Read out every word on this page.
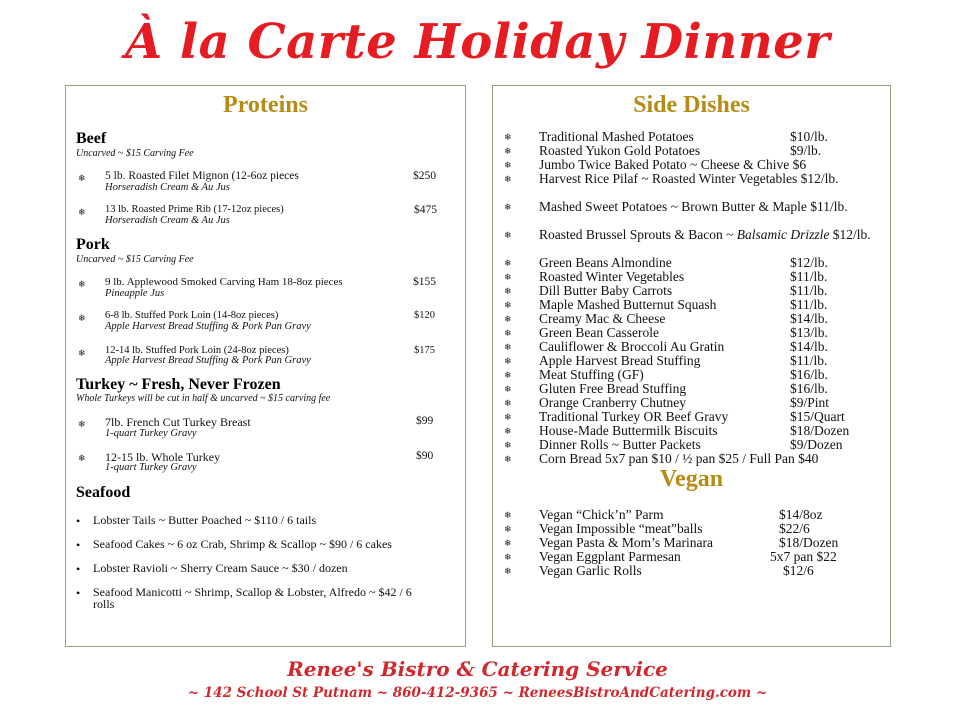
À la Carte Holiday Dinner
Proteins
Beef
Uncarved ~ $15 Carving Fee
❄ 5 lb. Roasted Filet Mignon (12-6oz pieces	$250
Horseradish Cream & Au Jus
❄ 13 lb. Roasted Prime Rib (17-12oz pieces)	$475
Horseradish Cream & Au Jus
Pork
Uncarved ~ $15 Carving Fee
❄ 9 lb. Applewood Smoked Carving Ham 18-8oz pieces	$155
Pineapple Jus
❄ 6-8 lb. Stuffed Pork Loin (14-8oz pieces)	$120
Apple Harvest Bread Stuffing & Pork Pan Gravy
❄ 12-14 lb. Stuffed Pork Loin (24-8oz pieces)	$175
Apple Harvest Bread Stuffing & Pork Pan Gravy
Turkey ~ Fresh, Never Frozen
Whole Turkeys will be cut in half & uncarved ~ $15 carving fee
❄ 7lb. French Cut Turkey Breast	$99
1-quart Turkey Gravy
❄ 12-15 lb. Whole Turkey	$90
1-quart Turkey Gravy
Seafood
• Lobster Tails ~ Butter Poached ~ $110 / 6 tails
• Seafood Cakes ~ 6 oz Crab, Shrimp & Scallop ~ $90 / 6 cakes
• Lobster Ravioli ~ Sherry Cream Sauce ~ $30 / dozen
• Seafood Manicotti ~ Shrimp, Scallop & Lobster, Alfredo ~ $42 / 6 rolls
Side Dishes
❄ Traditional Mashed Potatoes	$10/lb.
❄ Roasted Yukon Gold Potatoes	$9/lb.
❄ Jumbo Twice Baked Potato ~ Cheese & Chive $6
❄ Harvest Rice Pilaf ~ Roasted Winter Vegetables $12/lb.
❄ Mashed Sweet Potatoes ~ Brown Butter & Maple $11/lb.
❄ Roasted Brussel Sprouts & Bacon ~ Balsamic Drizzle $12/lb.
❄ Green Beans Almondine	$12/lb.
❄ Roasted Winter Vegetables	$11/lb.
❄ Dill Butter Baby Carrots	$11/lb.
❄ Maple Mashed Butternut Squash	$11/lb.
❄ Creamy Mac & Cheese	$14/lb.
❄ Green Bean Casserole	$13/lb.
❄ Cauliflower & Broccoli Au Gratin	$14/lb.
❄ Apple Harvest Bread Stuffing	$11/lb.
❄ Meat Stuffing (GF)	$16/lb.
❄ Gluten Free Bread Stuffing	$16/lb.
❄ Orange Cranberry Chutney	$9/Pint
❄ Traditional Turkey OR Beef Gravy	$15/Quart
❄ House-Made Buttermilk Biscuits	$18/Dozen
❄ Dinner Rolls ~ Butter Packets	$9/Dozen
❄ Corn Bread 5x7 pan $10 / ½ pan $25 / Full Pan $40
Vegan
❄ Vegan “Chick’n” Parm	$14/8oz
❄ Vegan Impossible “meat”balls	$22/6
❄ Vegan Pasta & Mom’s Marinara	$18/Dozen
❄ Vegan Eggplant Parmesan	5x7 pan $22
❄ Vegan Garlic Rolls	$12/6
Renee's Bistro & Catering Service
~ 142 School St Putnam ~ 860-412-9365 ~ ReneesBistroAndCatering.com ~
